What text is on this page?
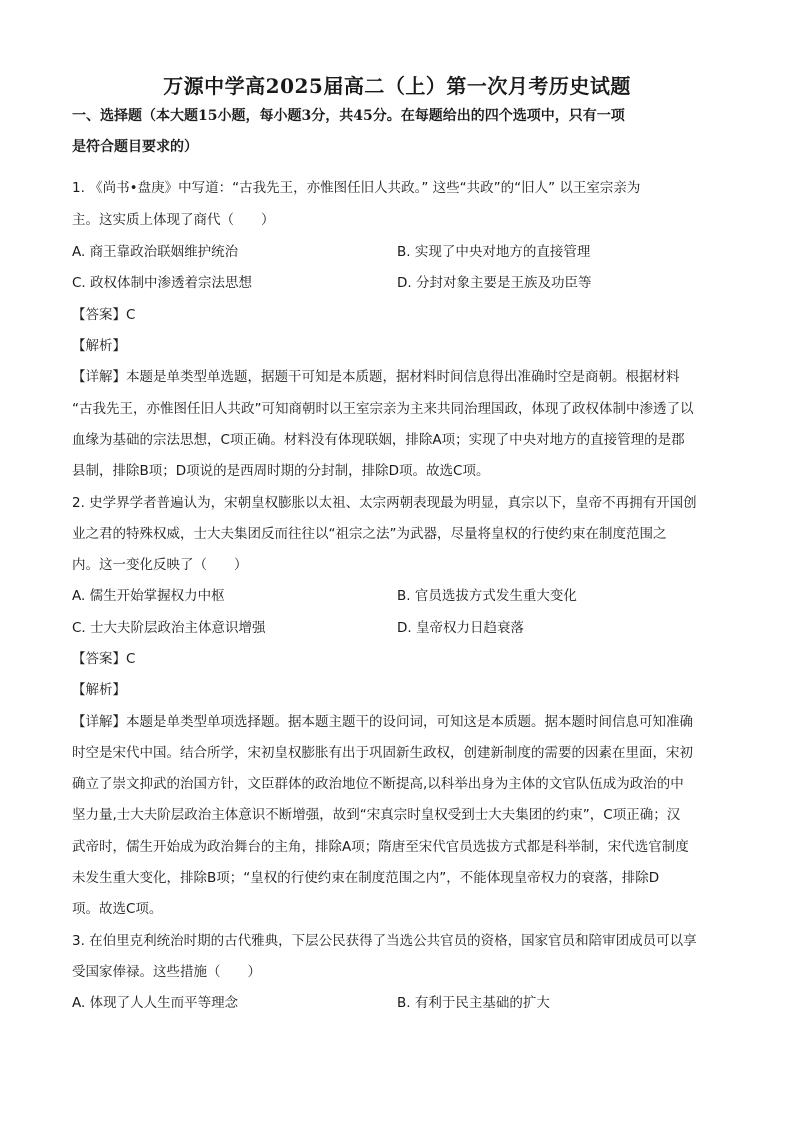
万源中学高2025届高二（上）第一次月考历史试题
一、选择题（本大题15小题，每小题3分，共45分。在每题给出的四个选项中，只有一项
是符合题目要求的）
1. 《尚书•盘庚》中写道：“古我先王，亦惟图任旧人共政。” 这些“共政”的“旧人” 以王室宗亲为
主。这实质上体现了商代（　　）
A. 商王靠政治联姻维护统治	B. 实现了中央对地方的直接管理
C. 政权体制中渗透着宗法思想	D. 分封对象主要是王族及功臣等
【答案】C
【解析】
【详解】本题是单类型单选题，据题干可知是本质题，据材料时间信息得出准确时空是商朝。根据材料
“古我先王，亦惟图任旧人共政”可知商朝时以王室宗亲为主来共同治理国政，体现了政权体制中渗透了以
血缘为基础的宗法思想，C项正确。材料没有体现联姻，排除A项；实现了中央对地方的直接管理的是郡
县制，排除B项；D项说的是西周时期的分封制，排除D项。故选C项。
2. 史学界学者普遍认为，宋朝皇权膨胀以太祖、太宗两朝表现最为明显，真宗以下，皇帝不再拥有开国创
业之君的特殊权威，士大夫集团反而往往以“祖宗之法”为武器，尽量将皇权的行使约束在制度范围之
内。这一变化反映了（　　）
A. 儒生开始掌握权力中枢	B. 官员选拔方式发生重大变化
C. 士大夫阶层政治主体意识增强	D. 皇帝权力日趋衰落
【答案】C
【解析】
【详解】本题是单类型单项选择题。据本题主题干的设问词，可知这是本质题。据本题时间信息可知准确
时空是宋代中国。结合所学，宋初皇权膨胀有出于巩固新生政权，创建新制度的需要的因素在里面，宋初
确立了崇文抑武的治国方针，文臣群体的政治地位不断提高,以科举出身为主体的文官队伍成为政治的中
坚力量,士大夫阶层政治主体意识不断增强，故到“宋真宗时皇权受到士大夫集团的约束”，C项正确；汉
武帝时，儒生开始成为政治舞台的主角，排除A项；隋唐至宋代官员选拔方式都是科举制，宋代选官制度
未发生重大变化，排除B项；“皇权的行使约束在制度范围之内”，不能体现皇帝权力的衰落，排除D
项。故选C项。
3. 在伯里克利统治时期的古代雅典，下层公民获得了当选公共官员的资格，国家官员和陪审团成员可以享
受国家俸禄。这些措施（　　）
A. 体现了人人生而平等理念	B. 有利于民主基础的扩大
